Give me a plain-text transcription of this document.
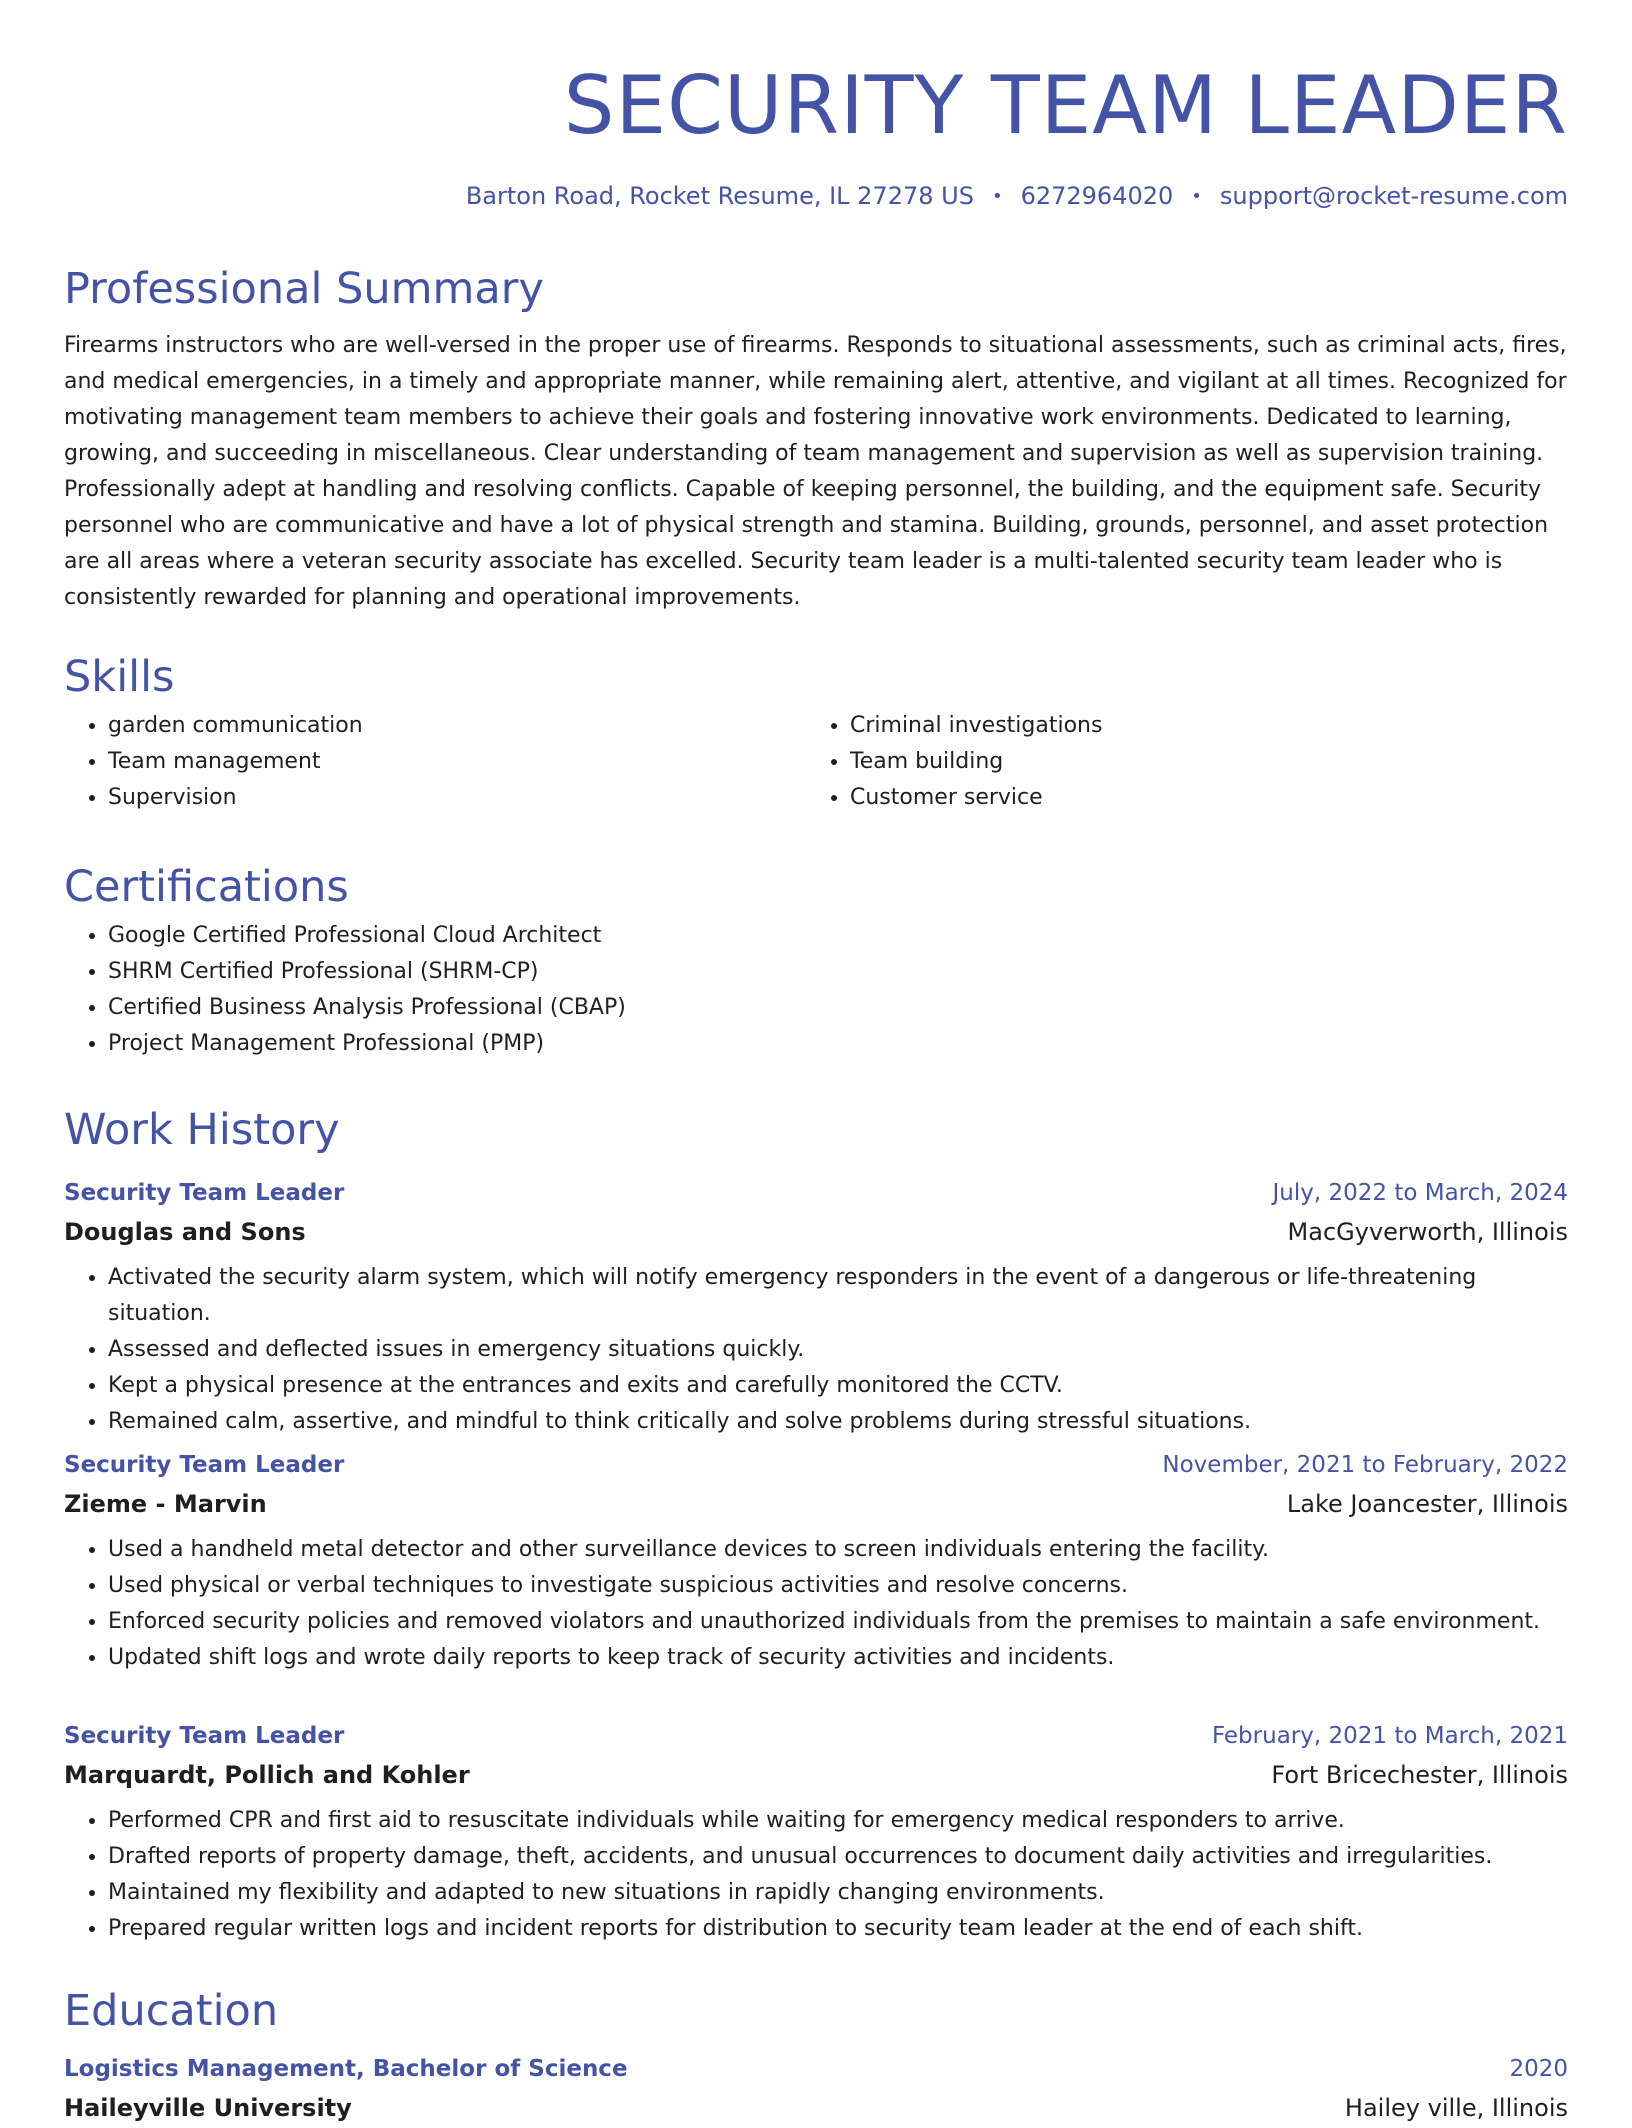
SECURITY TEAM LEADER
Barton Road, Rocket Resume, IL 27278 US • 6272964020 • support@rocket-resume.com
Professional Summary

Firearms instructors who are well-versed in the proper use of firearms. Responds to situational assessments, such as criminal acts, fires, and medical emergencies, in a timely and appropriate manner, while remaining alert, attentive, and vigilant at all times. Recognized for motivating management team members to achieve their goals and fostering innovative work environments. Dedicated to learning, growing, and succeeding in miscellaneous. Clear understanding of team management and supervision as well as supervision training. Professionally adept at handling and resolving conflicts. Capable of keeping personnel, the building, and the equipment safe. Security personnel who are communicative and have a lot of physical strength and stamina. Building, grounds, personnel, and asset protection are all areas where a veteran security associate has excelled. Security team leader is a multi-talented security team leader who is consistently rewarded for planning and operational improvements.

Skills
• garden communication
• Team management
• Supervision
• Criminal investigations
• Team building
• Customer service
Certifications
• Google Certified Professional Cloud Architect
• SHRM Certified Professional (SHRM-CP)
• Certified Business Analysis Professional (CBAP)
• Project Management Professional (PMP)
Work History
Security Team Leader	July, 2022 to March, 2024
Douglas and Sons	MacGyverworth, Illinois
• Activated the security alarm system, which will notify emergency responders in the event of a dangerous or life-threatening situation.
• Assessed and deflected issues in emergency situations quickly.
• Kept a physical presence at the entrances and exits and carefully monitored the CCTV.
• Remained calm, assertive, and mindful to think critically and solve problems during stressful situations.
Security Team Leader	November, 2021 to February, 2022
Zieme - Marvin	Lake Joancester, Illinois
• Used a handheld metal detector and other surveillance devices to screen individuals entering the facility.
• Used physical or verbal techniques to investigate suspicious activities and resolve concerns.
• Enforced security policies and removed violators and unauthorized individuals from the premises to maintain a safe environment.
• Updated shift logs and wrote daily reports to keep track of security activities and incidents.
Security Team Leader	February, 2021 to March, 2021
Marquardt, Pollich and Kohler	Fort Bricechester, Illinois
• Performed CPR and first aid to resuscitate individuals while waiting for emergency medical responders to arrive.
• Drafted reports of property damage, theft, accidents, and unusual occurrences to document daily activities and irregularities.
• Maintained my flexibility and adapted to new situations in rapidly changing environments.
• Prepared regular written logs and incident reports for distribution to security team leader at the end of each shift.
Education
Logistics Management, Bachelor of Science	2020
Haileyville University	Hailey ville, Illinois
